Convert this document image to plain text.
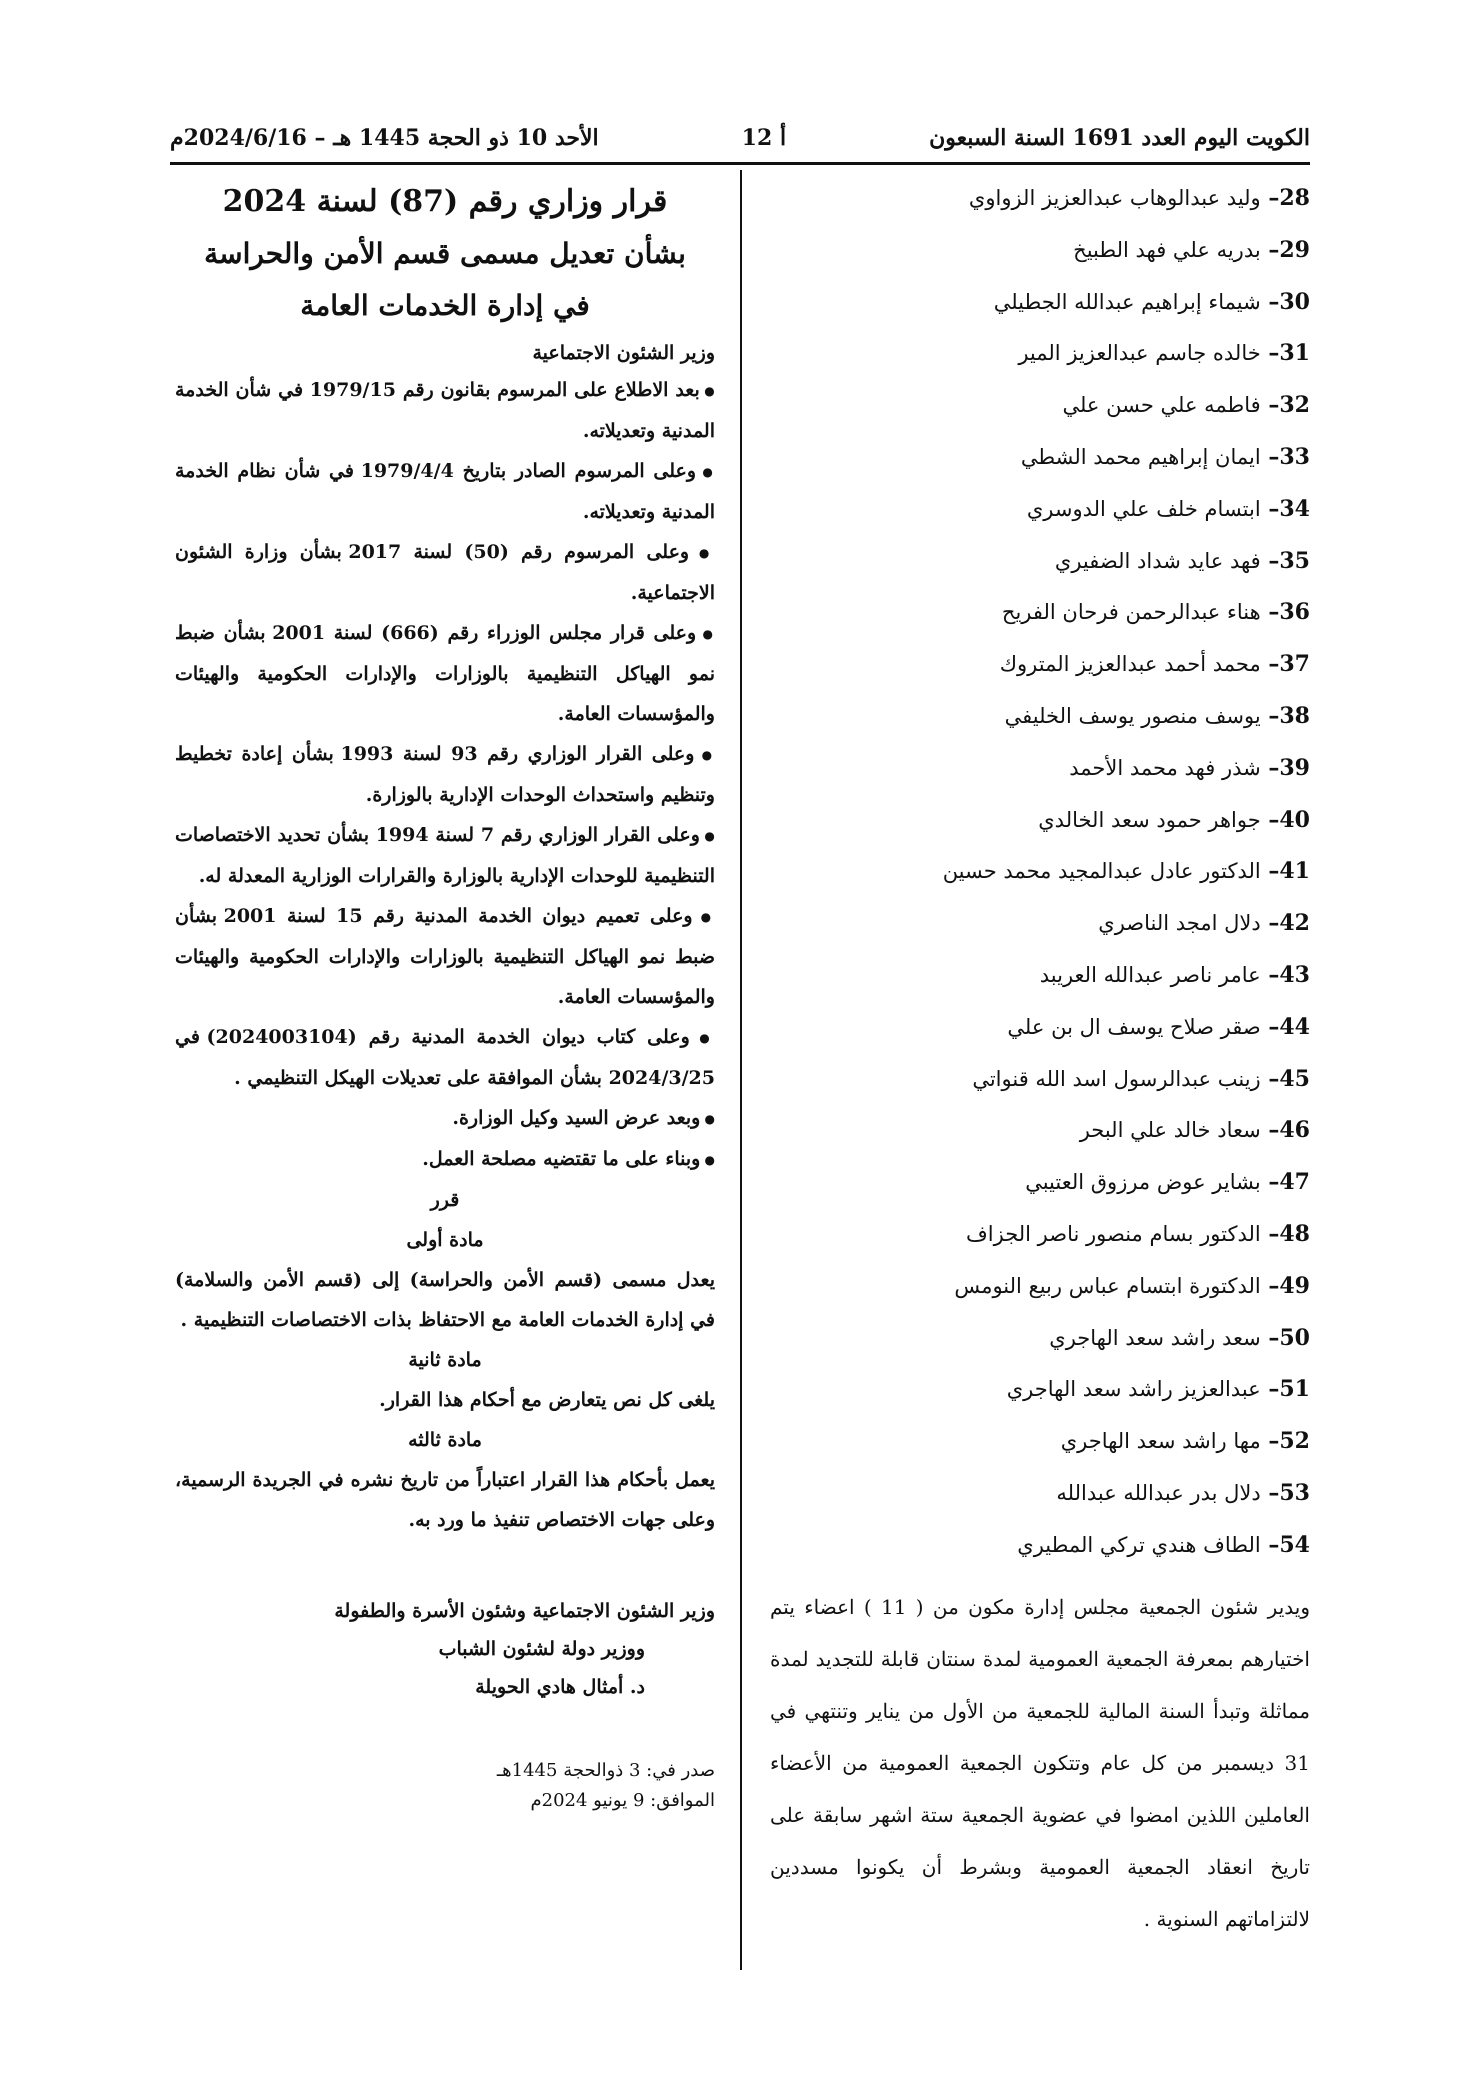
الكويت اليوم العدد 1691 السنة السبعون
أ 12
الأحد 10 ذو الحجة 1445 هـ – 2024/6/16م
28– وليد عبدالوهاب عبدالعزيز الزواوي
29– بدريه علي فهد الطبيخ
30– شيماء إبراهيم عبدالله الجطيلي
31– خالده جاسم عبدالعزيز المير
32– فاطمه علي حسن علي
33– ايمان إبراهيم محمد الشطي
34– ابتسام خلف علي الدوسري
35– فهد عايد شداد الضفيري
36– هناء عبدالرحمن فرحان الفريح
37– محمد أحمد عبدالعزيز المتروك
38– يوسف منصور يوسف الخليفي
39– شذر فهد محمد الأحمد
40– جواهر حمود سعد الخالدي
41– الدكتور عادل عبدالمجيد محمد حسين
42– دلال امجد الناصري
43– عامر ناصر عبدالله العريبد
44– صقر صلاح يوسف ال بن علي
45– زينب عبدالرسول اسد الله قنواتي
46– سعاد خالد علي البحر
47– بشاير عوض مرزوق العتيبي
48– الدكتور بسام منصور ناصر الجزاف
49– الدكتورة ابتسام عباس ربيع النومس
50– سعد راشد سعد الهاجري
51– عبدالعزيز راشد سعد الهاجري
52– مها راشد سعد الهاجري
53– دلال بدر عبدالله عبدالله
54– الطاف هندي تركي المطيري
ويدير شئون الجمعية مجلس إدارة مكون من ( 11 ) اعضاء يتم اختيارهم بمعرفة الجمعية العمومية لمدة سنتان قابلة للتجديد لمدة مماثلة وتبدأ السنة المالية للجمعية من الأول من يناير وتنتهي في 31 ديسمبر من كل عام وتتكون الجمعية العمومية من الأعضاء العاملين اللذين امضوا في عضوية الجمعية ستة اشهر سابقة على تاريخ انعقاد الجمعية العمومية وبشرط أن يكونوا مسددين لالتزاماتهم السنوية .
قرار وزاري رقم (87) لسنة 2024
بشأن تعديل مسمى قسم الأمن والحراسة
في إدارة الخدمات العامة
وزير الشئون الاجتماعية
● بعد الاطلاع على المرسوم بقانون رقم 1979/15 في شأن الخدمة المدنية وتعديلاته.
● وعلى المرسوم الصادر بتاريخ 1979/4/4 في شأن نظام الخدمة المدنية وتعديلاته.
● وعلى المرسوم رقم (50) لسنة 2017 بشأن وزارة الشئون الاجتماعية.
● وعلى قرار مجلس الوزراء رقم (666) لسنة 2001 بشأن ضبط نمو الهياكل التنظيمية بالوزارات والإدارات الحكومية والهيئات والمؤسسات العامة.
● وعلى القرار الوزاري رقم 93 لسنة 1993 بشأن إعادة تخطيط وتنظيم واستحداث الوحدات الإدارية بالوزارة.
● وعلى القرار الوزاري رقم 7 لسنة 1994 بشأن تحديد الاختصاصات التنظيمية للوحدات الإدارية بالوزارة والقرارات الوزارية المعدلة له.
● وعلى تعميم ديوان الخدمة المدنية رقم 15 لسنة 2001 بشأن ضبط نمو الهياكل التنظيمية بالوزارات والإدارات الحكومية والهيئات والمؤسسات العامة.
● وعلى كتاب ديوان الخدمة المدنية رقم (2024003104) في 2024/3/25 بشأن الموافقة على تعديلات الهيكل التنظيمي .
● وبعد عرض السيد وكيل الوزارة.
● وبناء على ما تقتضيه مصلحة العمل.
قرر
مادة أولى
يعدل مسمى (قسم الأمن والحراسة) إلى (قسم الأمن والسلامة) في إدارة الخدمات العامة مع الاحتفاظ بذات الاختصاصات التنظيمية .
مادة ثانية
يلغى كل نص يتعارض مع أحكام هذا القرار.
مادة ثالثه
يعمل بأحكام هذا القرار اعتباراً من تاريخ نشره في الجريدة الرسمية، وعلى جهات الاختصاص تنفيذ ما ورد به.
وزير الشئون الاجتماعية وشئون الأسرة والطفولة
ووزير دولة لشئون الشباب
د. أمثال هادي الحويلة
صدر في: 3 ذوالحجة 1445هـ
الموافق: 9 يونيو 2024م
